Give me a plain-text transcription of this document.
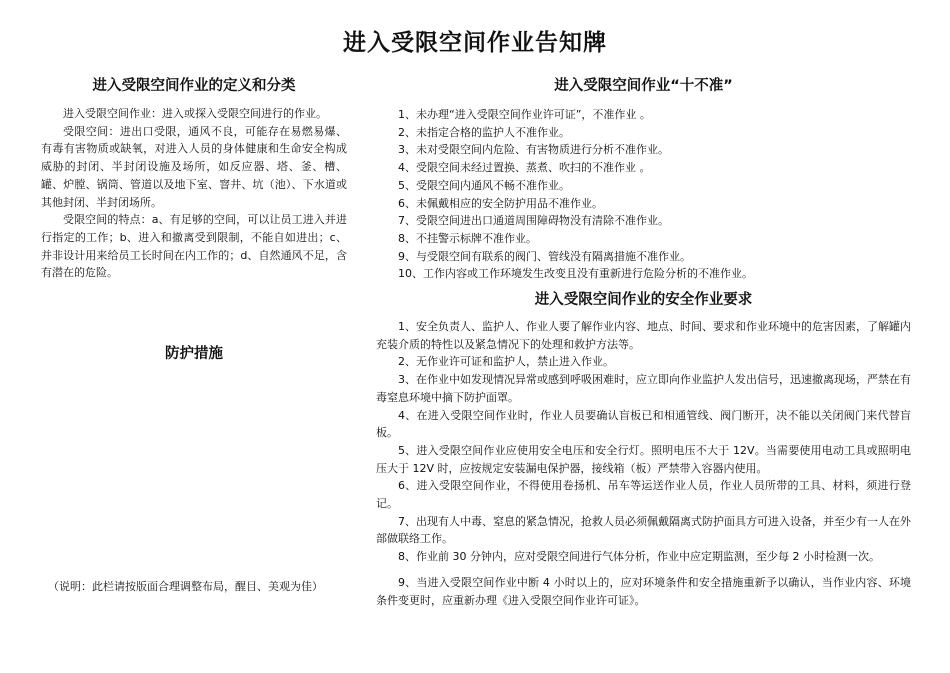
进入受限空间作业告知牌
进入受限空间作业的定义和分类

进入受限空间作业：进入或探入受限空间进行的作业。

受限空间：进出口受限，通风不良，可能存在易燃易爆、有毒有害物质或缺氧，对进入人员的身体健康和生命安全构成威胁的封闭、半封闭设施及场所，如反应器、塔、釜、槽、罐、炉膛、锅筒、管道以及地下室、窨井、坑（池）、下水道或其他封闭、半封闭场所。

受限空间的特点：a、有足够的空间，可以让员工进入并进行指定的工作；b、进入和撤离受到限制，不能自如进出；c、并非设计用来给员工长时间在内工作的；d、自然通风不足，含有潜在的危险。

防护措施
（说明：此栏请按版面合理调整布局，醒目、美观为佳）
进入受限空间作业“十不准”
1、未办理“进入受限空间作业许可证”，不准作业 。
2、未指定合格的监护人不准作业。
3、未对受限空间内危险、有害物质进行分析不准作业。
4、受限空间未经过置换、蒸煮、吹扫的不准作业 。
5、受限空间内通风不畅不准作业。
6、未佩戴相应的安全防护用品不准作业。
7、受限空间进出口通道周围障碍物没有清除不准作业。
8、不挂警示标牌不准作业。
9、与受限空间有联系的阀门、管线没有隔离措施不准作业。
10、工作内容或工作环境发生改变且没有重新进行危险分析的不准作业。
进入受限空间作业的安全作业要求

1、安全负责人、监护人、作业人要了解作业内容、地点、时间、要求和作业环境中的危害因素，了解罐内充装介质的特性以及紧急情况下的处理和救护方法等。

2、无作业许可证和监护人，禁止进入作业。

3、在作业中如发现情况异常或感到呼吸困难时，应立即向作业监护人发出信号，迅速撤离现场，严禁在有毒窒息环境中摘下防护面罩。

4、在进入受限空间作业时，作业人员要确认盲板已和相通管线、阀门断开，决不能以关闭阀门来代替盲板。

5、进入受限空间作业应使用安全电压和安全行灯。照明电压不大于 12V。当需要使用电动工具或照明电压大于 12V 时，应按规定安装漏电保护器，接线箱（板）严禁带入容器内使用。

6、进入受限空间作业，不得使用卷扬机、吊车等运送作业人员，作业人员所带的工具、材料，须进行登记。

7、出现有人中毒、窒息的紧急情况，抢救人员必须佩戴隔离式防护面具方可进入设备，并至少有一人在外部做联络工作。

8、作业前 30 分钟内，应对受限空间进行气体分析，作业中应定期监测，至少每 2 小时检测一次。

9、当进入受限空间作业中断 4 小时以上的，应对环境条件和安全措施重新予以确认，当作业内容、环境条件变更时，应重新办理《进入受限空间作业许可证》。
